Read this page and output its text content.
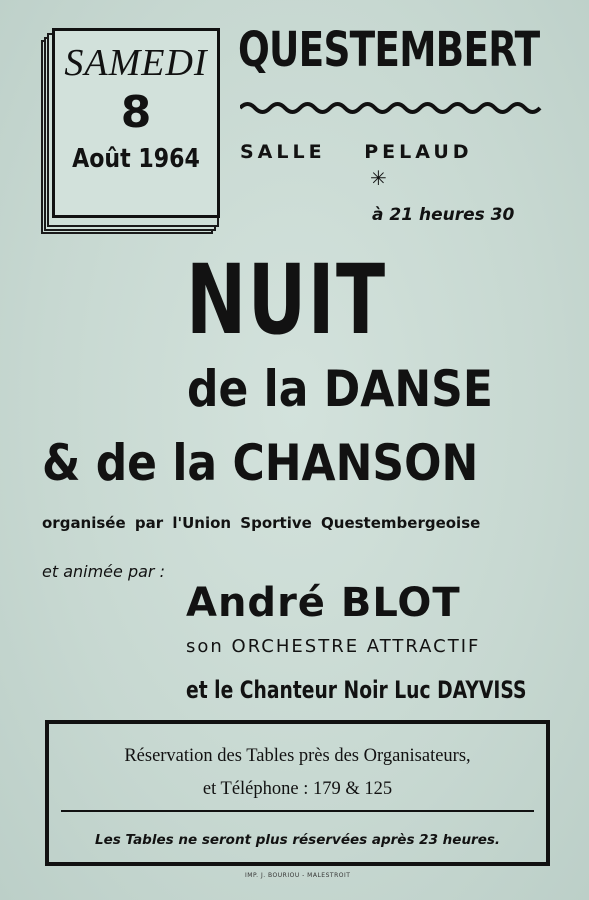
SAMEDI
8
Août 1964
QUESTEMBERT
SALLE PELAUD
✳
à 21 heures 30
NUIT
de la DANSE
& de la CHANSON
organisée par l'Union Sportive Questembergeoise
et animée par :
André BLOT
son ORCHESTRE ATTRACTIF
et le Chanteur Noir Luc DAYVISS
Réservation des Tables près des Organisateurs,
et Téléphone : 179 & 125
Les Tables ne seront plus réservées après 23 heures.
IMP. J. BOURIOU - MALESTROIT
